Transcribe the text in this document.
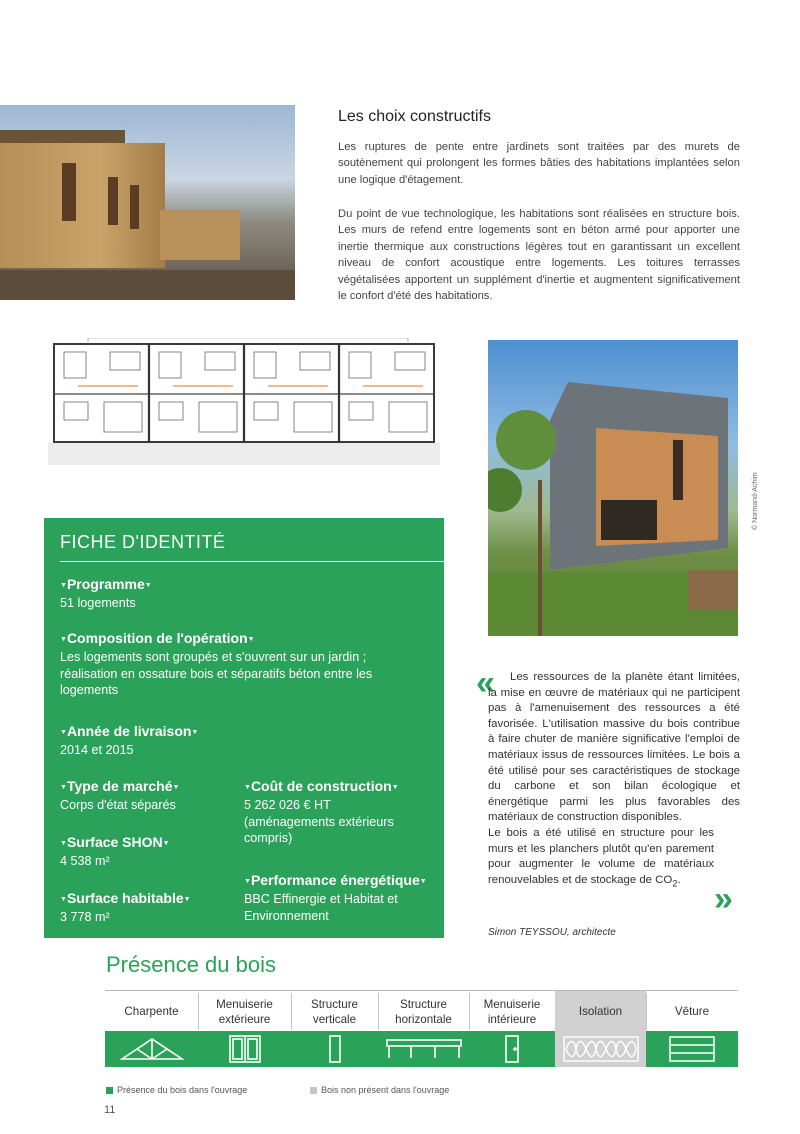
Les choix constructifs
Les ruptures de pente entre jardinets sont traitées par des murets de soutènement qui prolongent les formes bâties des habitations implantées selon une logique d'étagement.
Du point de vue technologique, les habitations sont réalisées en structure bois. Les murs de refend entre logements sont en béton armé pour apporter une inertie thermique aux constructions légères tout en garantissant un excellent niveau de confort acoustique entre logements. Les toitures terrasses végétalisées apportent un supplément d'inertie et augmentent significativement le confort d'été des habitations.
© Normand-Achim
FICHE D'IDENTITÉ
▼Programme▼
51 logements
▼Composition de l'opération▼
Les logements sont groupés et s'ouvrent sur un jardin ; réalisation en ossature bois et séparatifs béton entre les logements
▼Année de livraison▼
2014 et 2015
▼Type de marché▼
Corps d'état séparés
▼Surface SHON▼
4 538 m²
▼Surface habitable▼
3 778 m²
▼Coût de construction▼
5 262 026 € HT (aménagements extérieurs compris)
▼Performance énergétique▼
BBC Effinergie et Habitat et Environnement
«	Les ressources de la planète étant limitées, la mise en œuvre de matériaux qui ne participent pas à l'amenuisement des ressources a été favorisée. L'utilisation massive du bois contribue à faire chuter de manière significative l'emploi de matériaux issus de ressources limitées. Le bois a été utilisé pour ses caractéristiques de stockage du carbone et son bilan écologique et énergétique parmi les plus favorables des matériaux de construction disponibles.
Le bois a été utilisé en structure pour les murs et les planchers plutôt qu'en parement pour augmenter le volume de matériaux renouvelables et de stockage de $CO_2$.
»
Simon TEYSSOU, architecte
Présence du bois
Charpente
Menuiserie extérieure
Structure verticale
Structure horizontale
Menuiserie intérieure
Isolation	Vêture
Présence du bois dans l'ouvrage	Bois non présent dans l'ouvrage
11
